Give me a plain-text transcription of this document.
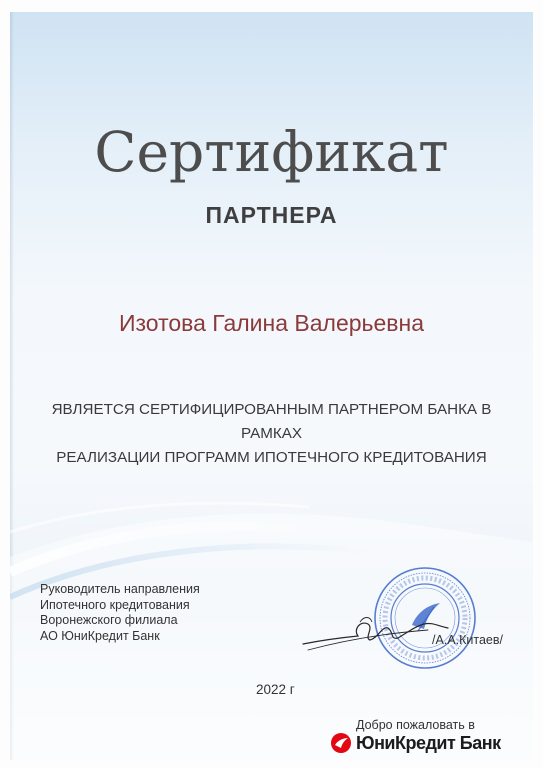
Сертификат
ПАРТНЕРА
Изотова Галина Валерьевна
ЯВЛЯЕТСЯ СЕРТИФИЦИРОВАННЫМ ПАРТНЕРОМ БАНКА В РАМКАХ
РЕАЛИЗАЦИИ ПРОГРАММ ИПОТЕЧНОГО КРЕДИТОВАНИЯ
Руководитель направления
Ипотечного кредитования
Воронежского филиала
АО ЮниКредит Банк	/А.А.Китаев/
2022 г
Добро пожаловать в
ЮниКредит Банк
